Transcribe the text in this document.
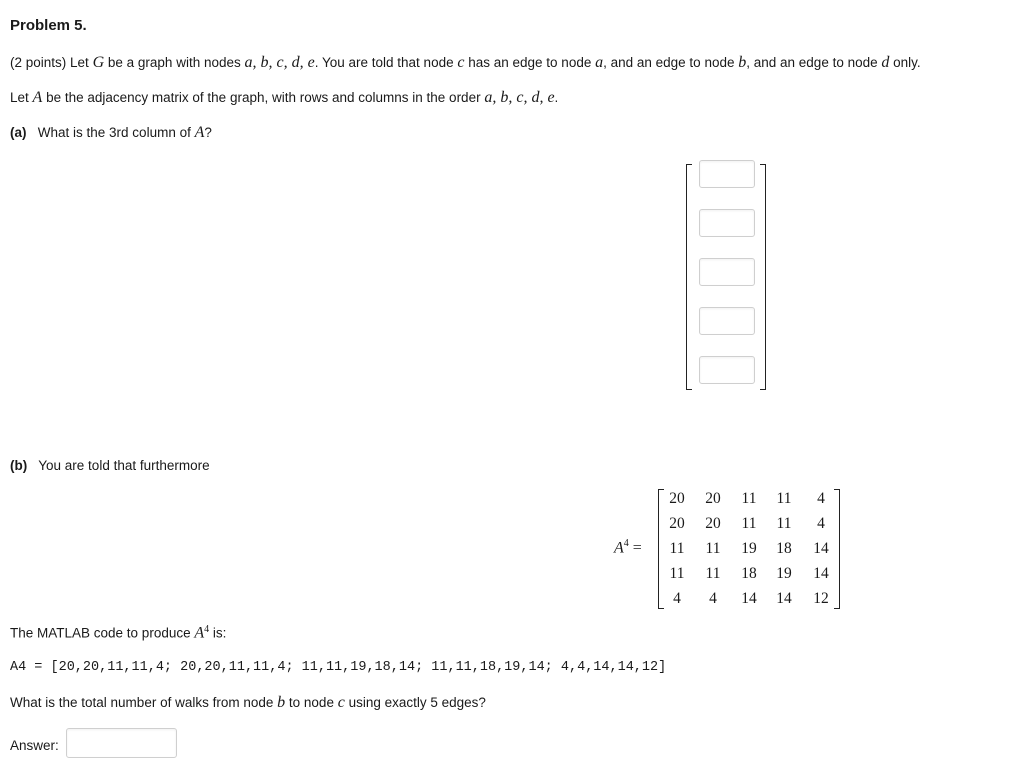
Problem 5.
(2 points) Let G be a graph with nodes a, b, c, d, e. You are told that node c has an edge to node a, and an edge to node b, and an edge to node d only.
Let A be the adjacency matrix of the graph, with rows and columns in the order a, b, c, d, e.
(a) What is the 3rd column of A?
(b) You are told that furthermore
$A^4$ =
20	20	11	11	4
20	20	11	11	4
11	11	19	18	14
11	11	18	19	14
4	4	14	14	12
The MATLAB code to produce $A^4$ is:
A4 = [20,20,11,11,4; 20,20,11,11,4; 11,11,19,18,14; 11,11,18,19,14; 4,4,14,14,12]
What is the total number of walks from node b to node c using exactly 5 edges?
Answer:
